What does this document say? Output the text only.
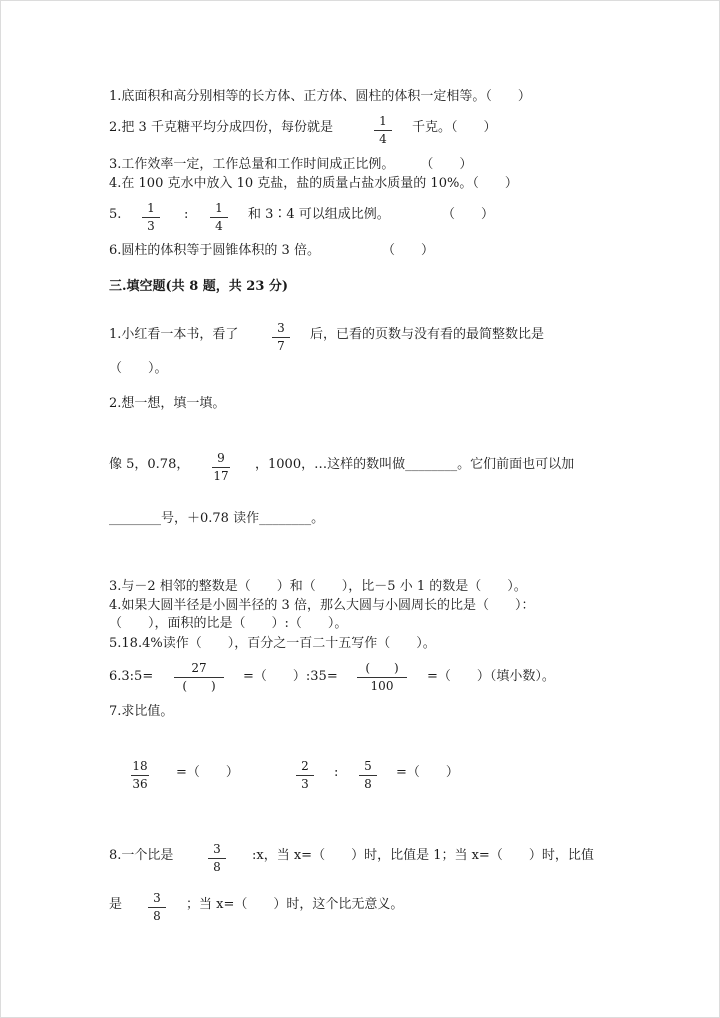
1.底面积和高分别相等的长方体、正方体、圆柱的体积一定相等。（　　）
2.把 3 千克糖平均分成四份，每份就是	1
4
千克。（　　）
3.工作效率一定，工作总量和工作时间成正比例。　　　（　　）
4.在 100 克水中放入 10 克盐，盐的质量占盐水质量的 10%。（　　）
5.	1
3
:	1
4
和 3∶4 可以组成比例。	（　　）
6.圆柱的体积等于圆锥体积的 3 倍。	（　　）
三.填空题(共 8 题，共 23 分)
1.小红看一本书，看了	3
7
后，已看的页数与没有看的最简整数比是
（　　）。
2.想一想，填一填。
像 5，0.78，	9
17
，1000，…这样的数叫做________。它们前面也可以加
________号，＋0.78 读作________。
3.与－2 相邻的整数是（　　）和（　　），比－5 小 1 的数是（　　）。
4.如果大圆半径是小圆半径的 3 倍，那么大圆与小圆周长的比是（　　）：
（　　），面积的比是（　　）:（　　）。
5.18.4%读作（　　），百分之一百二十五写作（　　）。
6.3:5=
27
(　　)
=（　　）:35=
(　　)
100
=（　　）（填小数）。
7.求比值。
18
36
=（　　）	2
3
:	5
8
=（　　）
8.一个比是	3
8
:x，当 x=（　　）时，比值是 1；当 x=（　　）时，比值
是	3
8
；当 x=（　　）时，这个比无意义。
